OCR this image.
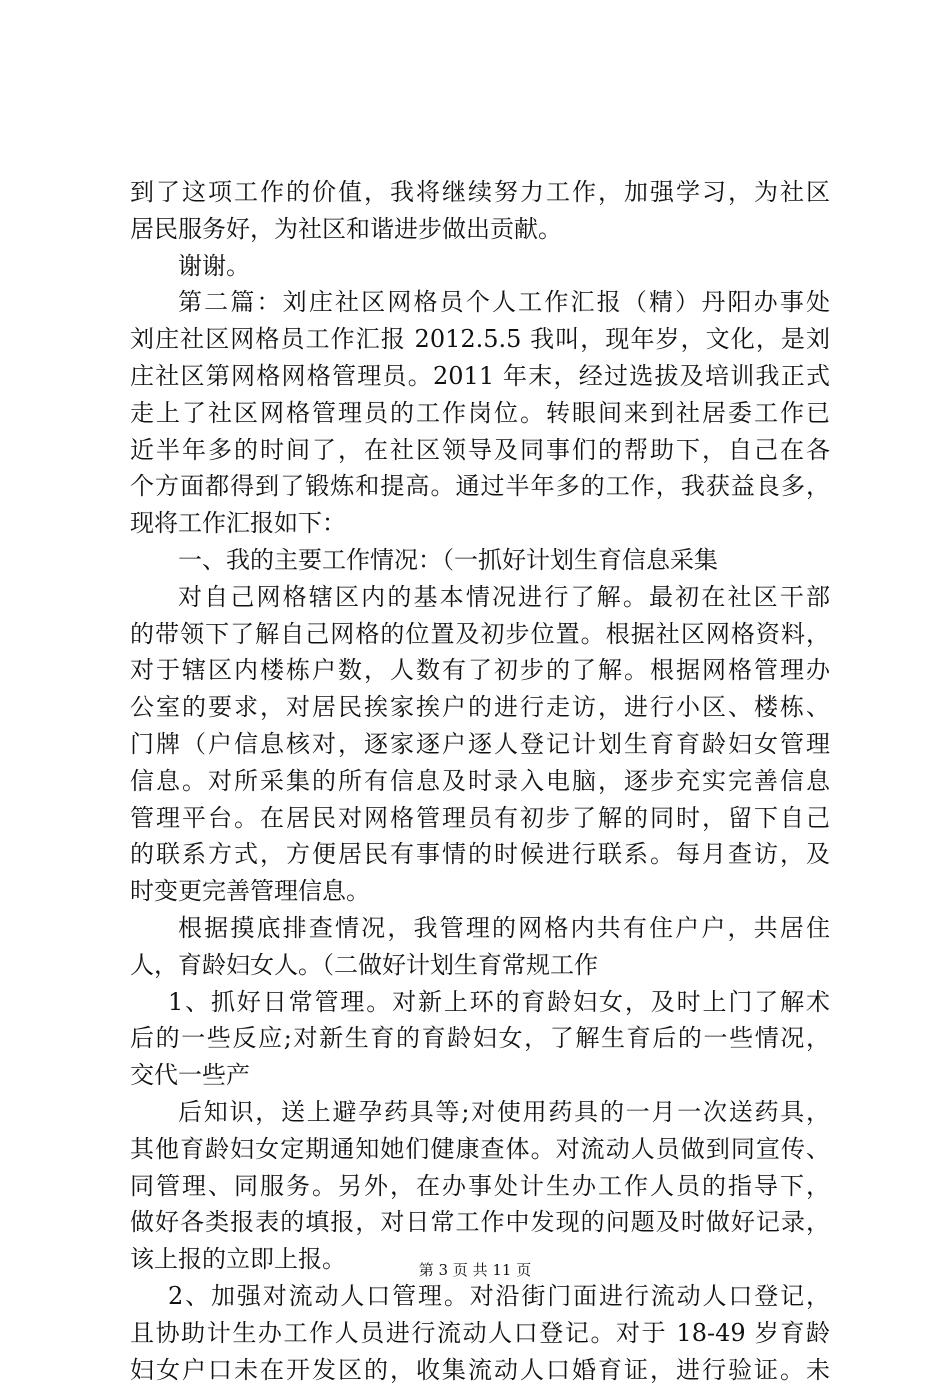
到了这项工作的价值，我将继续努力工作，加强学习，为社区
居民服务好，为社区和谐进步做出贡献。
谢谢。
第二篇：刘庄社区网格员个人工作汇报（精）丹阳办事处
刘庄社区网格员工作汇报 2012.5.5 我叫，现年岁，文化，是刘
庄社区第网格网格管理员。2011 年末，经过选拔及培训我正式
走上了社区网格管理员的工作岗位。转眼间来到社居委工作已
近半年多的时间了，在社区领导及同事们的帮助下，自己在各
个方面都得到了锻炼和提高。通过半年多的工作，我获益良多，
现将工作汇报如下：
一、我的主要工作情况：（一抓好计划生育信息采集
对自己网格辖区内的基本情况进行了解。最初在社区干部
的带领下了解自己网格的位置及初步位置。根据社区网格资料，
对于辖区内楼栋户数，人数有了初步的了解。根据网格管理办
公室的要求，对居民挨家挨户的进行走访，进行小区、楼栋、
门牌（户信息核对，逐家逐户逐人登记计划生育育龄妇女管理
信息。对所采集的所有信息及时录入电脑，逐步充实完善信息
管理平台。在居民对网格管理员有初步了解的同时，留下自己
的联系方式，方便居民有事情的时候进行联系。每月查访，及
时变更完善管理信息。
根据摸底排查情况，我管理的网格内共有住户户，共居住
人，育龄妇女人。（二做好计划生育常规工作
1、抓好日常管理。对新上环的育龄妇女，及时上门了解术
后的一些反应;对新生育的育龄妇女，了解生育后的一些情况，
交代一些产
后知识，送上避孕药具等;对使用药具的一月一次送药具，
其他育龄妇女定期通知她们健康查体。对流动人员做到同宣传、
同管理、同服务。另外，在办事处计生办工作人员的指导下，
做好各类报表的填报，对日常工作中发现的问题及时做好记录，
该上报的立即上报。
2、加强对流动人口管理。对沿街门面进行流动人口登记，
且协助计生办工作人员进行流动人口登记。对于 18-49 岁育龄
妇女户口未在开发区的，收集流动人口婚育证，进行验证。未
第 3 页 共 11 页
